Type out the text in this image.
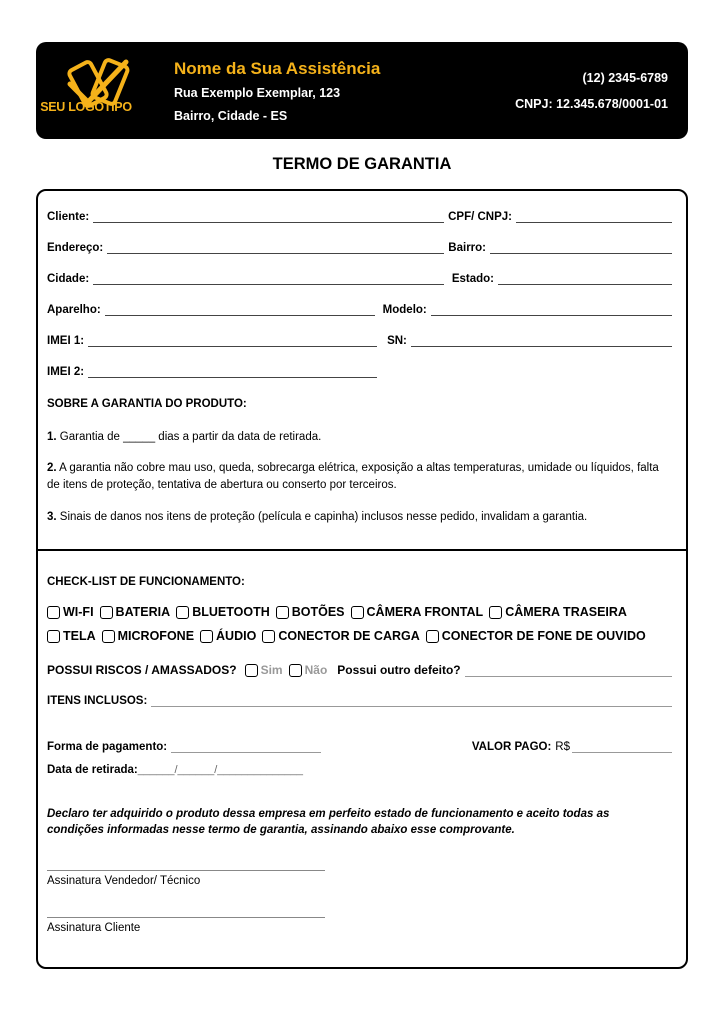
SEU LOGOTIPO
Nome da Sua Assistência
Rua Exemplo Exemplar, 123
Bairro, Cidade - ES
(12) 2345-6789
CNPJ: 12.345.678/0001-01
TERMO DE GARANTIA
Cliente:	CPF/ CNPJ:
Endereço:	Bairro:
Cidade:	Estado:
Aparelho:	Modelo:
IMEI 1:	SN:
IMEI 2:
SOBRE A GARANTIA DO PRODUTO:
1. Garantia de _____ dias a partir da data de retirada.
2. A garantia não cobre mau uso, queda, sobrecarga elétrica, exposição a altas temperaturas, umidade ou líquidos, falta de itens de proteção, tentativa de abertura ou conserto por terceiros.
3. Sinais de danos nos itens de proteção (película e capinha) inclusos nesse pedido, invalidam a garantia.
CHECK-LIST DE FUNCIONAMENTO:
WI-FI BATERIA BLUETOOTH BOTÕES CÂMERA FRONTAL CÂMERA TRASEIRA
TELA MICROFONE ÁUDIO CONECTOR DE CARGA CONECTOR DE FONE DE OUVIDO
POSSUI RISCOS / AMASSADOS? Sim Não Possui outro defeito?
ITENS INCLUSOS:
Forma de pagamento:	VALOR PAGO: R$
Data de retirada: ______/______/______________
Declaro ter adquirido o produto dessa empresa em perfeito estado de funcionamento e aceito todas as condições informadas nesse termo de garantia, assinando abaixo esse comprovante.
Assinatura Vendedor/ Técnico
Assinatura Cliente
